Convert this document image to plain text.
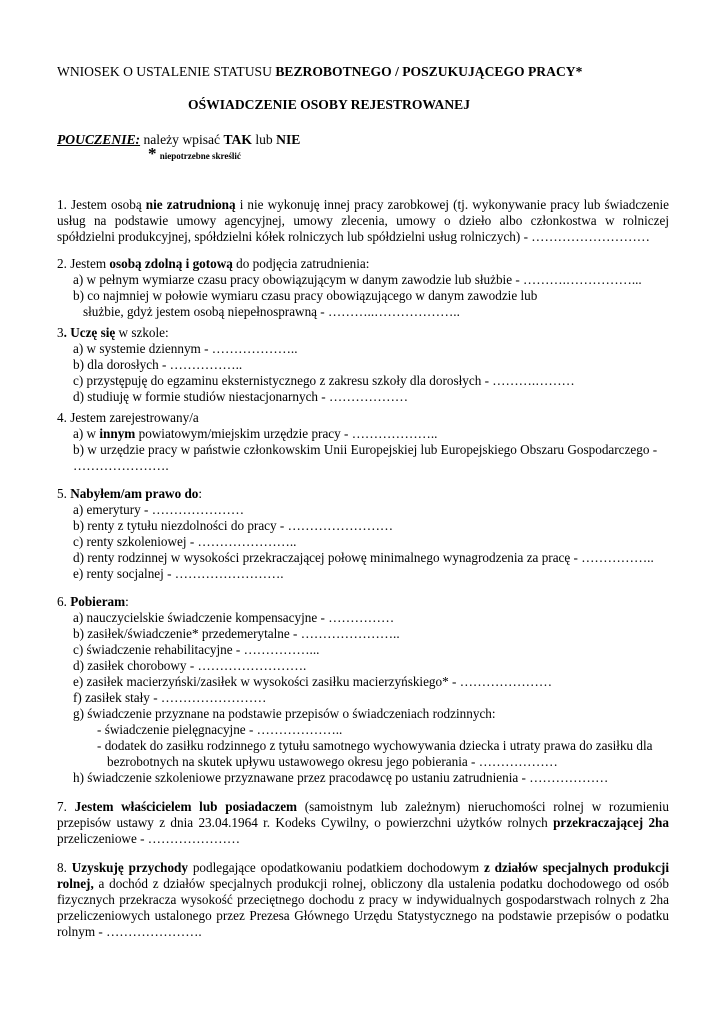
WNIOSEK O USTALENIE STATUSU BEZROBOTNEGO / POSZUKUJĄCEGO PRACY*
OŚWIADCZENIE OSOBY REJESTROWANEJ
POUCZENIE: należy wpisać TAK lub NIE
* niepotrzebne skreślić
1. Jestem osobą nie zatrudnioną i nie wykonuję innej pracy zarobkowej (tj. wykonywanie pracy lub świadczenie
usług na podstawie umowy agencyjnej, umowy zlecenia, umowy o dzieło albo członkostwa w rolniczej
spółdzielni produkcyjnej, spółdzielni kółek rolniczych lub spółdzielni usług rolniczych) - ………………………
2. Jestem osobą zdolną i gotową do podjęcia zatrudnienia:
a) w pełnym wymiarze czasu pracy obowiązującym w danym zawodzie lub służbie - ……….……………...
b) co najmniej w połowie wymiaru czasu pracy obowiązującego w danym zawodzie lub
służbie, gdyż jestem osobą niepełnosprawną - ………..………………..
3. Uczę się w szkole:
a) w systemie dziennym - ………………..
b) dla dorosłych - ……………..
c) przystępuję do egzaminu eksternistycznego z zakresu szkoły dla dorosłych - ……….………
d) studiuję w formie studiów niestacjonarnych - ………………
4. Jestem zarejestrowany/a
a) w innym powiatowym/miejskim urzędzie pracy - ………………..
b) w urzędzie pracy w państwie członkowskim Unii Europejskiej lub Europejskiego Obszaru Gospodarczego -
………………….
5. Nabyłem/am prawo do:
a) emerytury - …………………
b) renty z tytułu niezdolności do pracy - ……………………
c) renty szkoleniowej - …………………..
d) renty rodzinnej w wysokości przekraczającej połowę minimalnego wynagrodzenia za pracę - ……………..
e) renty socjalnej - …………………….
6. Pobieram:
a) nauczycielskie świadczenie kompensacyjne - ……………
b) zasiłek/świadczenie* przedemerytalne - …………………..
c) świadczenie rehabilitacyjne - ……………...
d) zasiłek chorobowy - …………………….
e) zasiłek macierzyński/zasiłek w wysokości zasiłku macierzyńskiego* - …………………
f) zasiłek stały - ……………………
g) świadczenie przyznane na podstawie przepisów o świadczeniach rodzinnych:
- świadczenie pielęgnacyjne - ………………..
- dodatek do zasiłku rodzinnego z tytułu samotnego wychowywania dziecka i utraty prawa do zasiłku dla
bezrobotnych na skutek upływu ustawowego okresu jego pobierania - ………………
h) świadczenie szkoleniowe przyznawane przez pracodawcę po ustaniu zatrudnienia - ………………
7. Jestem właścicielem lub posiadaczem (samoistnym lub zależnym) nieruchomości rolnej w rozumieniu
przepisów ustawy z dnia 23.04.1964 r. Kodeks Cywilny, o powierzchni użytków rolnych przekraczającej 2ha
przeliczeniowe - …………………
8. Uzyskuję przychody podlegające opodatkowaniu podatkiem dochodowym z działów specjalnych produkcji
rolnej, a dochód z działów specjalnych produkcji rolnej, obliczony dla ustalenia podatku dochodowego od osób
fizycznych przekracza wysokość przeciętnego dochodu z pracy w indywidualnych gospodarstwach rolnych z 2ha
przeliczeniowych ustalonego przez Prezesa Głównego Urzędu Statystycznego na podstawie przepisów o podatku
rolnym - ………………….
